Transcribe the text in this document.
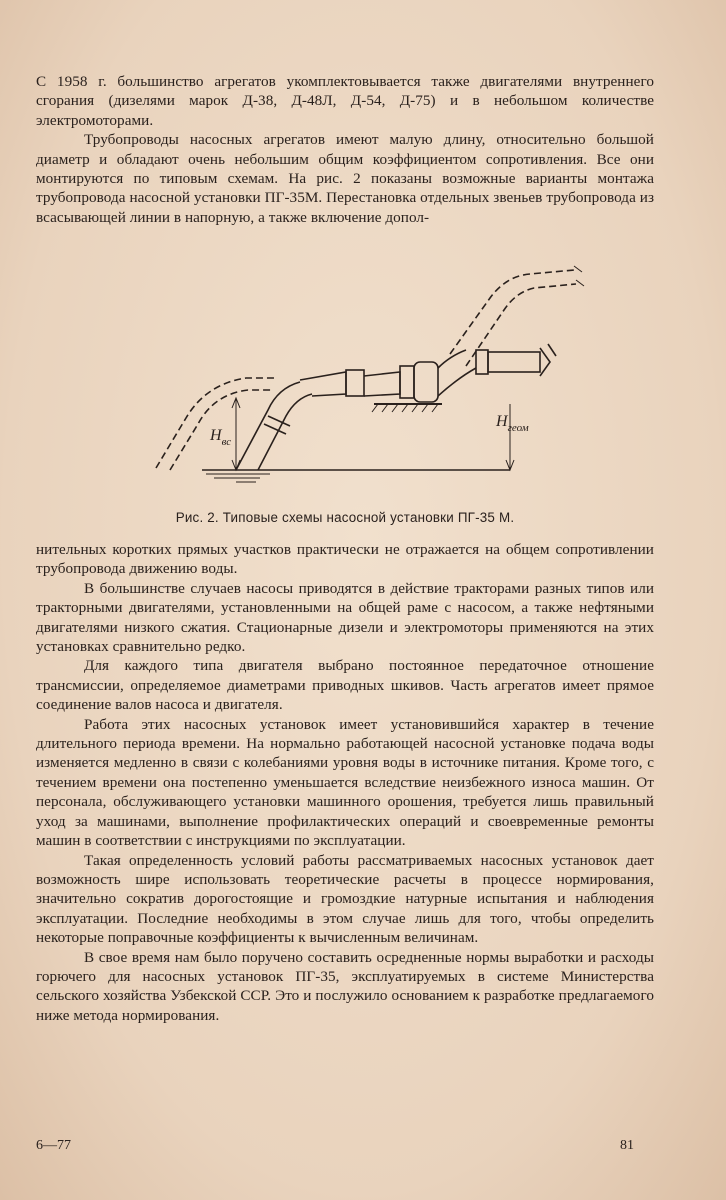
С 1958 г. большинство агрегатов укомплектовывается также двигателями внутреннего сгорания (дизелями марок Д-38, Д-48Л, Д-54, Д-75) и в небольшом количестве электромоторами.

Трубопроводы насосных агрегатов имеют малую длину, относительно большой диаметр и обладают очень небольшим общим коэффициентом сопротивления. Все они монтируются по типовым схемам. На рис. 2 показаны возможные варианты монтажа трубопровода насосной установки ПГ-35М. Перестановка отдельных звеньев трубопровода из всасывающей линии в напорную, а также включение допол-

$Н_{вс}$
$Н_{геом}$
Рис. 2. Типовые схемы насосной установки ПГ-35 М.

нительных коротких прямых участков практически не отражается на общем сопротивлении трубопровода движению воды.

В большинстве случаев насосы приводятся в действие тракторами разных типов или тракторными двигателями, установленными на общей раме с насосом, а также нефтяными двигателями низкого сжатия. Стационарные дизели и электромоторы применяются на этих установках сравнительно редко.

Для каждого типа двигателя выбрано постоянное передаточное отношение трансмиссии, определяемое диаметрами приводных шкивов. Часть агрегатов имеет прямое соединение валов насоса и двигателя.

Работа этих насосных установок имеет установившийся характер в течение длительного периода времени. На нормально работающей насосной установке подача воды изменяется медленно в связи с колебаниями уровня воды в источнике питания. Кроме того, с течением времени она постепенно уменьшается вследствие неизбежного износа машин. От персонала, обслуживающего установки машинного орошения, требуется лишь правильный уход за машинами, выполнение профилактических операций и своевременные ремонты машин в соответствии с инструкциями по эксплуатации.

Такая определенность условий работы рассматриваемых насосных установок дает возможность шире использовать теоретические расчеты в процессе нормирования, значительно сократив дорогостоящие и громоздкие натурные испытания и наблюдения эксплуатации. Последние необходимы в этом случае лишь для того, чтобы определить некоторые поправочные коэффициенты к вычисленным величинам.

В свое время нам было поручено составить осредненные нормы выработки и расходы горючего для насосных установок ПГ-35, эксплуатируемых в системе Министерства сельского хозяйства Узбекской ССР. Это и послужило основанием к разработке предлагаемого ниже метода нормирования.

6—77	81
